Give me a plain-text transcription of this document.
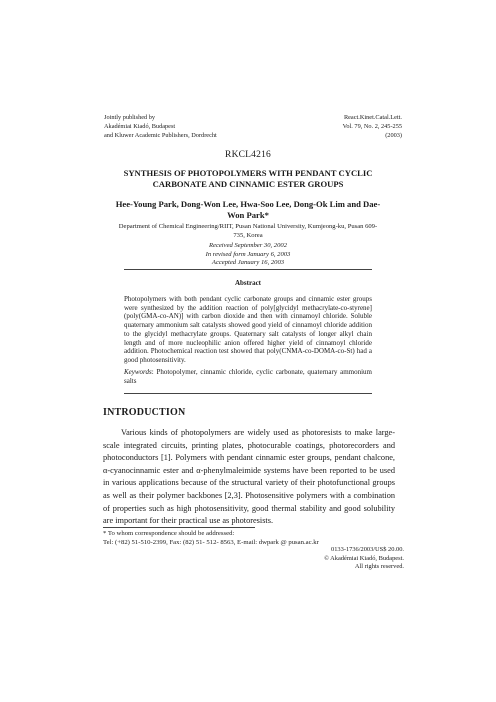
Jointly published by
Akadémiai Kiadó, Budapest
and Kluwer Academic Publishers, Dordrecht
React.Kinet.Catal.Lett.
Vol. 79, No. 2, 245-255
(2003)
RKCL4216
SYNTHESIS OF PHOTOPOLYMERS WITH PENDANT CYCLIC CARBONATE AND CINNAMIC ESTER GROUPS
Hee-Young Park, Dong-Won Lee, Hwa-Soo Lee, Dong-Ok Lim and Dae-Won Park*
Department of Chemical Engineering/RIIT, Pusan National University, Kumjeong-ku, Pusan 609-735, Korea
Received September 30, 2002
In revised form January 6, 2003
Accepted January 16, 2003
Abstract
Photopolymers with both pendant cyclic carbonate groups and cinnamic ester groups were synthesized by the addition reaction of poly[glycidyl methacrylate-co-styrene](poly(GMA-co-AN)] with carbon dioxide and then with cinnamoyl chloride. Soluble quaternary ammonium salt catalysts showed good yield of cinnamoyl chloride addition to the glycidyl methacrylate groups. Quaternary salt catalysts of longer alkyl chain length and of more nucleophilic anion offered higher yield of cinnamoyl chloride addition. Photochemical reaction test showed that poly(CNMA-co-DOMA-co-St) had a good photosensitivity.
Keywords: Photopolymer, cinnamic chloride, cyclic carbonate, quaternary ammonium salts
INTRODUCTION
Various kinds of photopolymers are widely used as photoresists to make large-scale integrated circuits, printing plates, photocurable coatings, photorecorders and photoconductors [1]. Polymers with pendant cinnamic ester groups, pendant chalcone, α-cyanocinnamic ester and α-phenylmaleimide systems have been reported to be used in various applications because of the structural variety of their photofunctional groups as well as their polymer backbones [2,3]. Photosensitive polymers with a combination of properties such as high photosensitivity, good thermal stability and good solubility are important for their practical use as photoresists.
* To whom correspondence should be addressed:
Tel: (+82) 51-510-2399, Fax: (82) 51- 512- 8563, E-mail: dwpark @ pusan.ac.kr
0133-1736/2003/US$ 20.00.
© Akadémiai Kiadó, Budapest.
All rights reserved.
